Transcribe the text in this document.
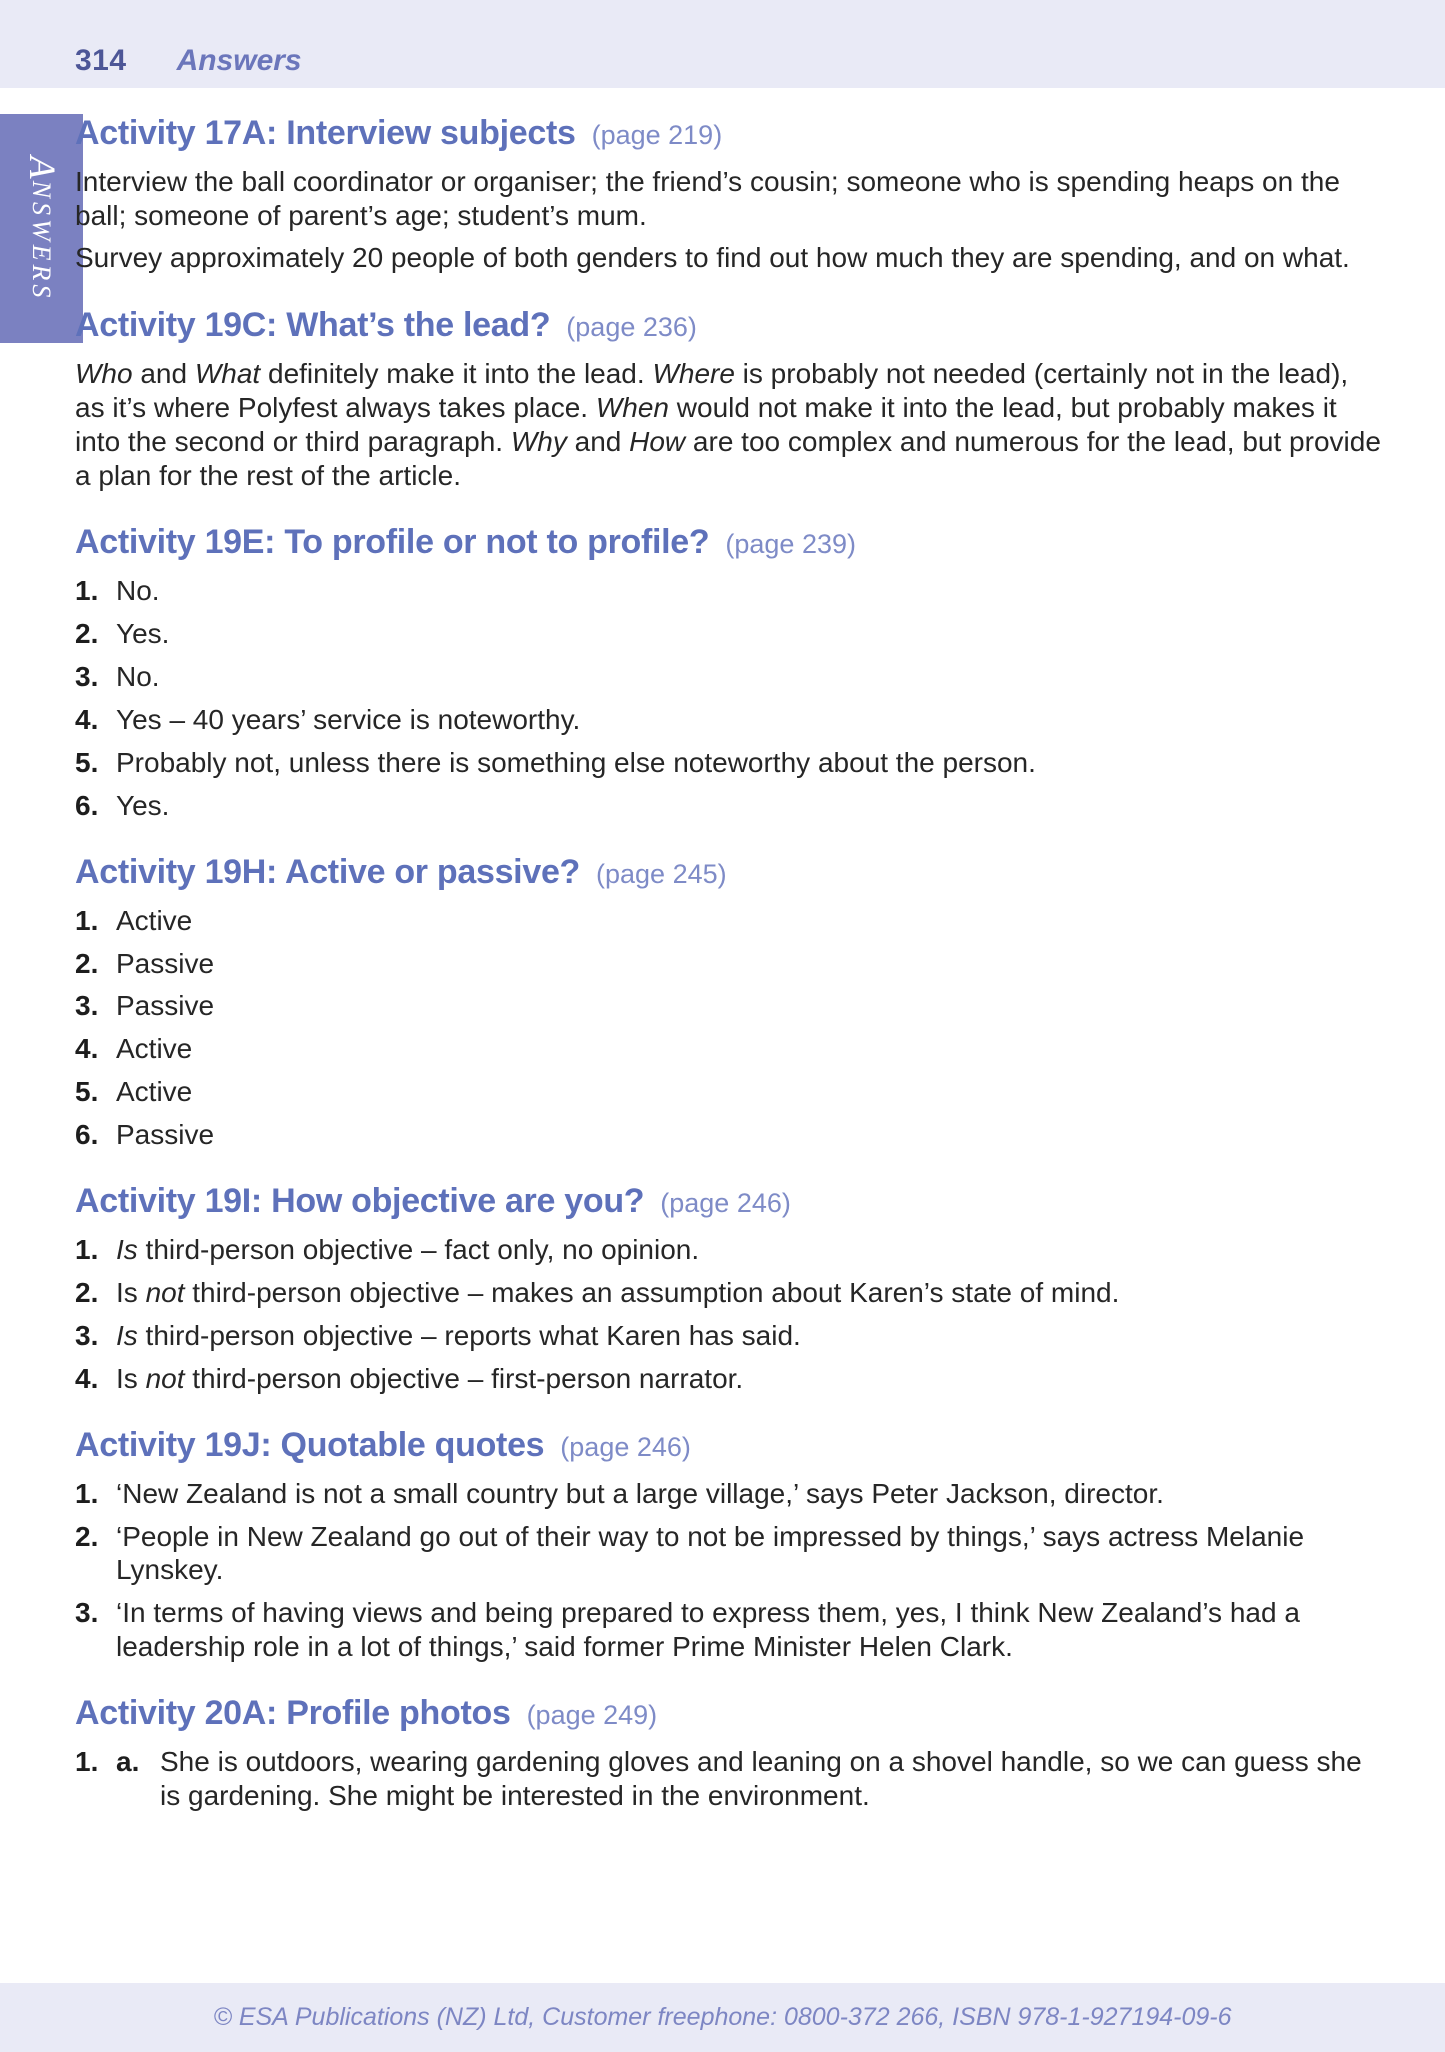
314 Answers
ANSWERS
Activity 17A: Interview subjects (page 219)

Interview the ball coordinator or organiser; the friend’s cousin; someone who is spending heaps on the ball; someone of parent’s age; student’s mum.

Survey approximately 20 people of both genders to find out how much they are spending, and on what.

Activity 19C: What’s the lead? (page 236)

Who and What definitely make it into the lead. Where is probably not needed (certainly not in the lead), as it’s where Polyfest always takes place. When would not make it into the lead, but probably makes it into the second or third paragraph. Why and How are too complex and numerous for the lead, but provide a plan for the rest of the article.

Activity 19E: To profile or not to profile? (page 239)
1. No.
2. Yes.
3. No.
4. Yes – 40 years’ service is noteworthy.
5. Probably not, unless there is something else noteworthy about the person.
6. Yes.
Activity 19H: Active or passive? (page 245)
1. Active
2. Passive
3. Passive
4. Active
5. Active
6. Passive
Activity 19I: How objective are you? (page 246)
1. Is third-person objective – fact only, no opinion.
2. Is not third-person objective – makes an assumption about Karen’s state of mind.
3. Is third-person objective – reports what Karen has said.
4. Is not third-person objective – first-person narrator.
Activity 19J: Quotable quotes (page 246)
1. ‘New Zealand is not a small country but a large village,’ says Peter Jackson, director.
2. ‘People in New Zealand go out of their way to not be impressed by things,’ says actress Melanie Lynskey.
3. ‘In terms of having views and being prepared to express them, yes, I think New Zealand’s had a leadership role in a lot of things,’ said former Prime Minister Helen Clark.
Activity 20A: Profile photos (page 249)
1. a. She is outdoors, wearing gardening gloves and leaning on a shovel handle, so we can guess she is gardening. She might be interested in the environment.
© ESA Publications (NZ) Ltd, Customer freephone: 0800-372 266, ISBN 978-1-927194-09-6
